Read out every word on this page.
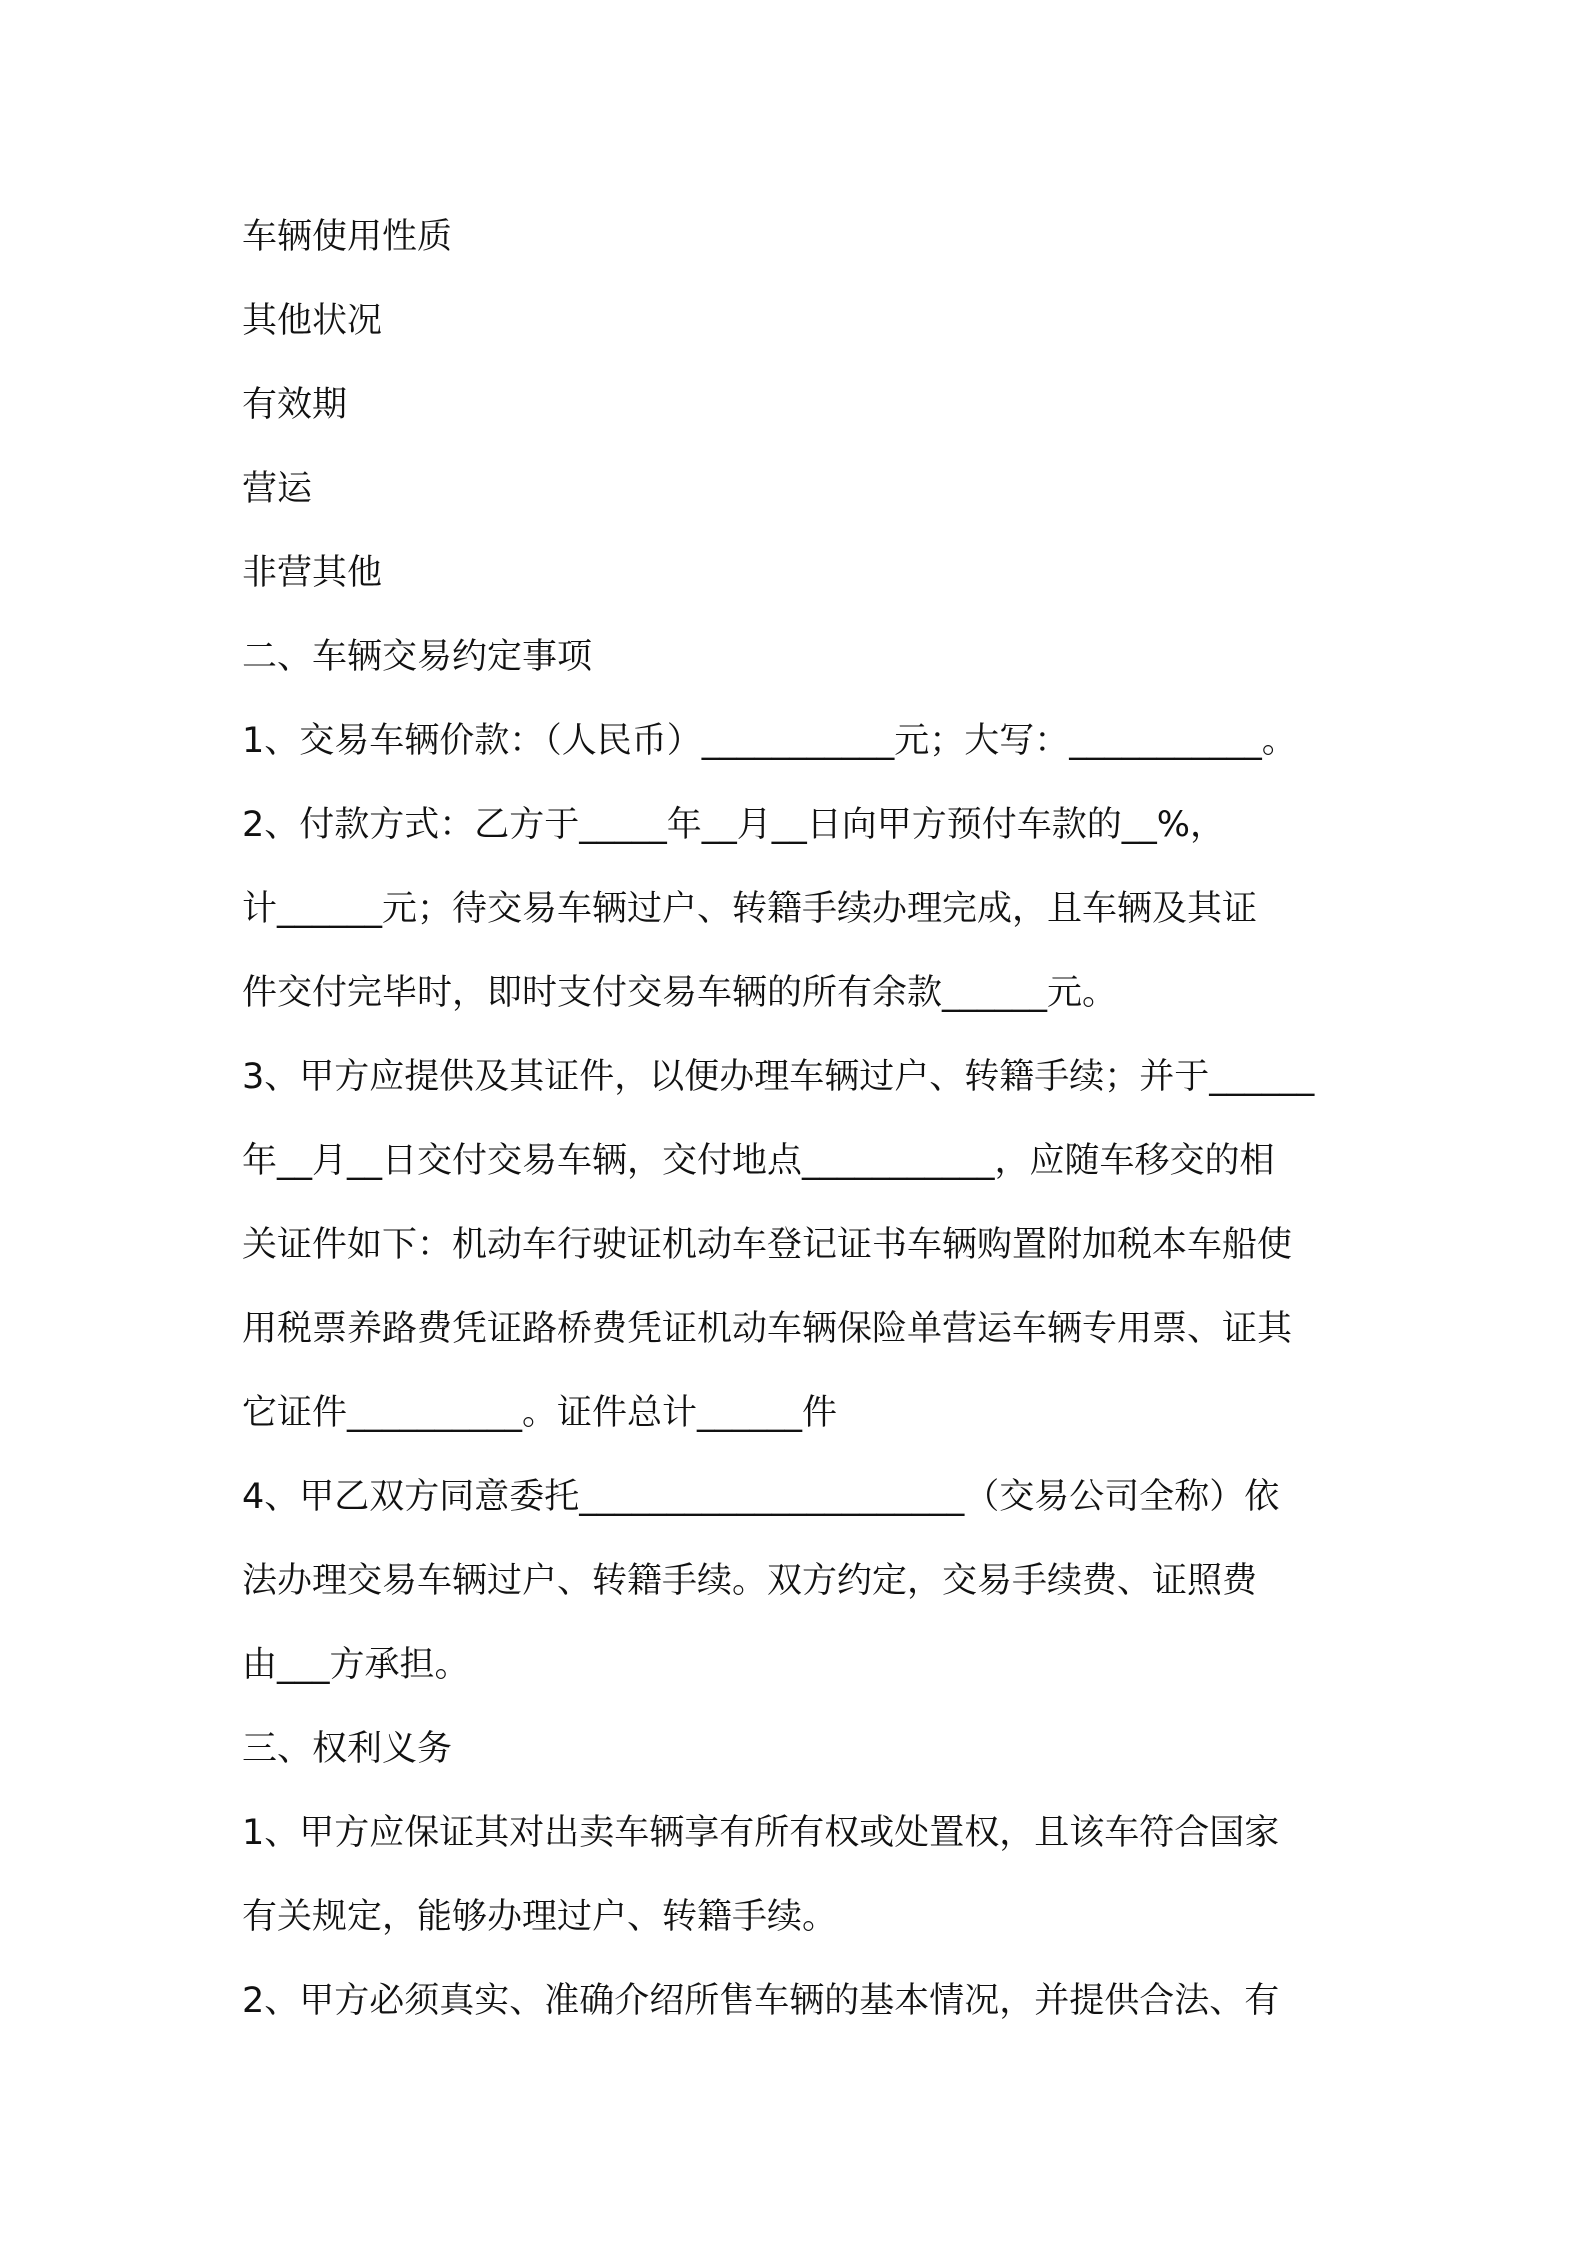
车辆使用性质
其他状况
有效期
营运
非营其他
二、车辆交易约定事项
1、交易车辆价款：（人民币）___________元；大写：___________。
2、付款方式：乙方于_____年__月__日向甲方预付车款的__%，
计______元；待交易车辆过户、转籍手续办理完成，且车辆及其证
件交付完毕时，即时支付交易车辆的所有余款______元。
3、甲方应提供及其证件，以便办理车辆过户、转籍手续；并于______
年__月__日交付交易车辆，交付地点___________，应随车移交的相
关证件如下：机动车行驶证机动车登记证书车辆购置附加税本车船使
用税票养路费凭证路桥费凭证机动车辆保险单营运车辆专用票、证其
它证件__________。证件总计______件
4、甲乙双方同意委托______________________（交易公司全称）依
法办理交易车辆过户、转籍手续。双方约定，交易手续费、证照费
由___方承担。
三、权利义务
1、甲方应保证其对出卖车辆享有所有权或处置权，且该车符合国家
有关规定，能够办理过户、转籍手续。
2、甲方必须真实、准确介绍所售车辆的基本情况，并提供合法、有
